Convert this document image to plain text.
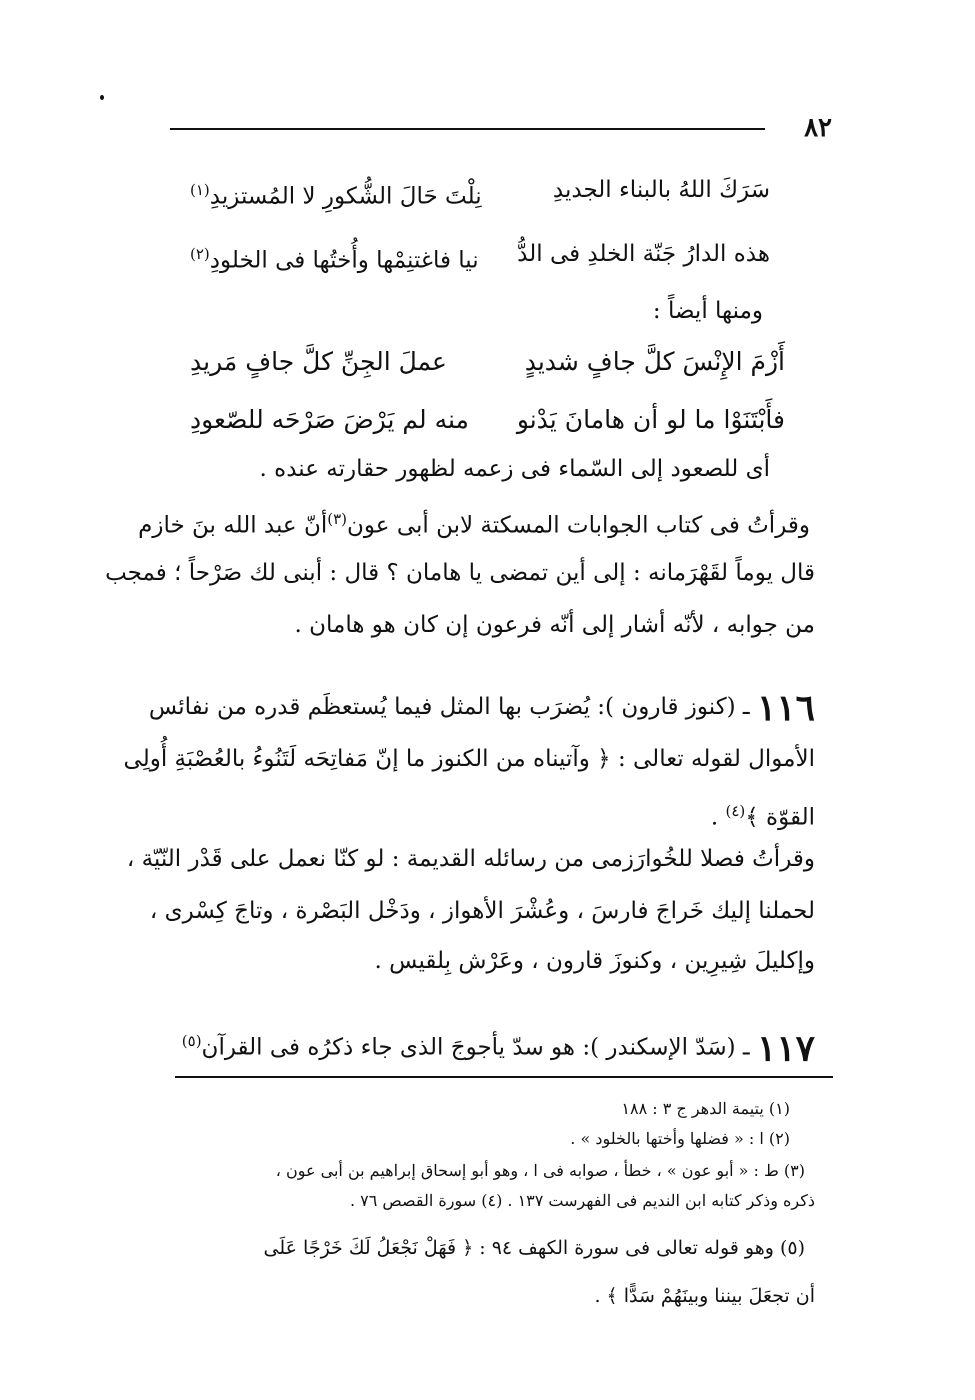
٨٢
سَرَكَ اللهُ بالبناء الجديدِ
نِلْتَ حَالَ الشُّكورِ لا المُستزيدِ$^{(١)}$
هذه الدارُ جَنّة الخلدِ فى الدُّ
نيا فاغتنِمْها وأُختُها فى الخلودِ$^{(٢)}$
ومنها أيضاً :
أَزْمَ الإِنْسَ كلَّ جافٍ شديدٍ
عملَ الجِنِّ كلَّ جافٍ مَريدِ
فأَبْتَنَوْا ما لو أن هامانَ يَدْنو
منه لم يَرْضَ صَرْحَه للصّعودِ
أى للصعود إلى السّماء فى زعمه لظهور حقارته عنده .
وقرأتُ فى كتاب الجوابات المسكتة لابن أبى عون$^{(٣)}$أنّ عبد الله بنَ خازم
قال يوماً لقَهْرَمانه : إلى أين تمضى يا هامان ؟ قال : أبنى لك صَرْحاً ؛ فمجب
من جوابه ، لأنّه أشار إلى أنّه فرعون إن كان هو هامان .
١١٦ ـ (كنوز قارون ): يُضرَب بها المثل فيما يُستعظَم قدره من نفائس
الأموال لقوله تعالى : ﴿ وآتيناه من الكنوز ما إنّ مَفاتِحَه لَتَنُوءُ بالعُصْبَةِ أُولِى
القوّة ﴾$^{(٤)}$ .
وقرأتُ فصلا للخُوارَزمى من رسائله القديمة : لو كنّا نعمل على قَدْر النّيّة ،
لحملنا إليك خَراجَ فارسَ ، وعُشْرَ الأهواز ، ودَخْل البَصْرة ، وتاجَ كِسْرى ،
وإكليلَ شِيرِين ، وكنوزَ قارون ، وعَرْش بِلقيس .
١١٧ ـ (سَدّ الإسكندر ): هو سدّ يأجوجَ الذى جاء ذكرُه فى القرآن$^{(٥)}$
(١) يتيمة الدهر ج ٣ : ١٨٨
(٢) ا : « فضلها وأختها بالخلود » .
(٣) ط : « أبو عون » ، خطأ ، صوابه فى ا ، وهو أبو إسحاق إبراهيم بن أبى عون ،
ذكره وذكر كتابه ابن النديم فى الفهرست ١٣٧ . (٤) سورة القصص ٧٦ .
(٥) وهو قوله تعالى فى سورة الكهف ٩٤ : ﴿ فَهَلْ نَجْعَلُ لَكَ خَرْجًا عَلَى
أن تجعَلَ بيننا وبينَهُمْ سَدًّا ﴾ .
